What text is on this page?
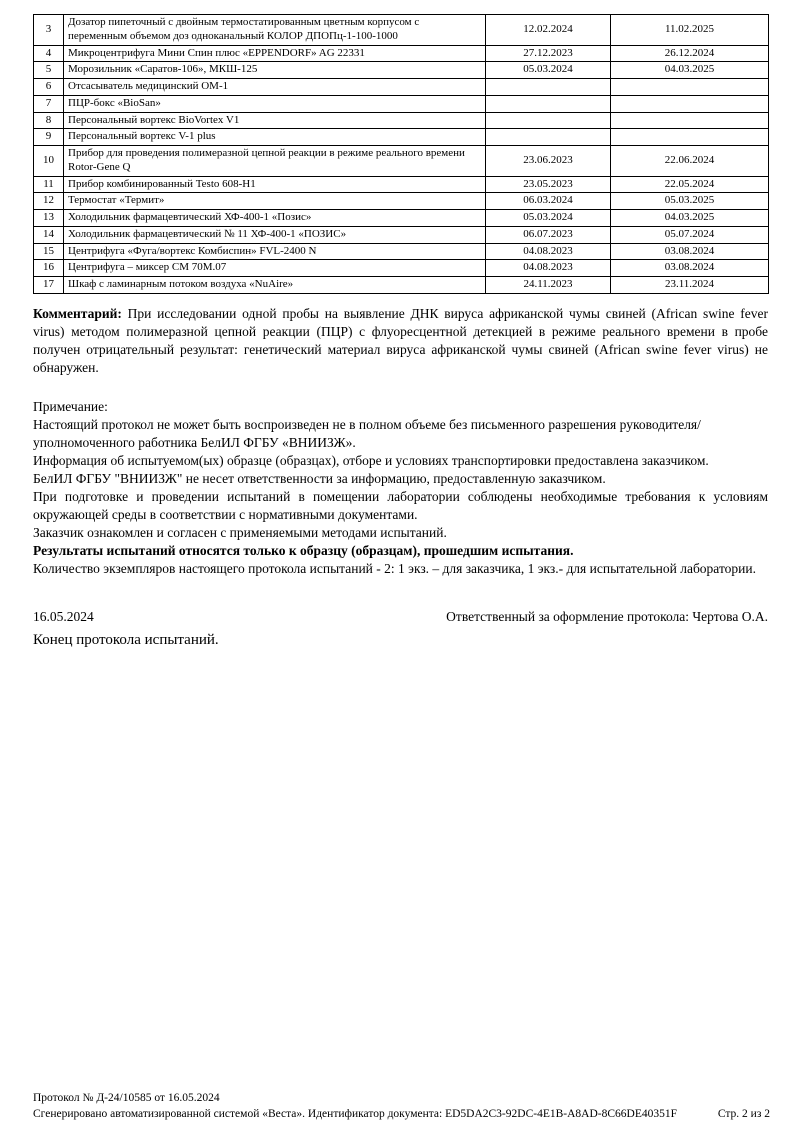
3	Дозатор пипеточный с двойным термостатированным цветным корпусом с переменным объемом доз одноканальный КОЛОР ДПОПц-1-100-1000	12.02.2024	11.02.2025
4	Микроцентрифуга Мини Спин плюс «EPPENDORF» AG 22331	27.12.2023	26.12.2024
5	Морозильник «Саратов-106», МКШ-125	05.03.2024	04.03.2025
6	Отсасыватель медицинский ОМ-1		
7	ПЦР-бокс «BioSan»		
8	Персональный вортекс BioVortex V1		
9	Персональный вортекс V-1 plus		
10	Прибор для проведения полимеразной цепной реакции в режиме реального времени Rotor-Gene Q	23.06.2023	22.06.2024
11	Прибор комбинированный Testo 608-H1	23.05.2023	22.05.2024
12	Термостат «Термит»	06.03.2024	05.03.2025
13	Холодильник фармацевтический ХФ-400-1 «Позис»	05.03.2024	04.03.2025
14	Холодильник фармацевтический № 11 ХФ-400-1 «ПОЗИС»	06.07.2023	05.07.2024
15	Центрифуга «Фуга/вортекс Комбиспин» FVL-2400 N	04.08.2023	03.08.2024
16	Центрифуга – миксер СМ 70М.07	04.08.2023	03.08.2024
17	Шкаф с ламинарным потоком воздуха «NuAire»	24.11.2023	23.11.2024

Комментарий: При исследовании одной пробы на выявление ДНК вируса африканской чумы свиней (African swine fever virus) методом полимеразной цепной реакции (ПЦР) с флуоресцентной детекцией в режиме реального времени в пробе получен отрицательный результат: генетический материал вируса африканской чумы свиней (African swine fever virus) не обнаружен.

Примечание:

Настоящий протокол не может быть воспроизведен не в полном объеме без письменного разрешения руководителя/уполномоченного работника БелИЛ ФГБУ «ВНИИЗЖ».

Информация об испытуемом(ых) образце (образцах), отборе и условиях транспортировки предоставлена заказчиком.

БелИЛ ФГБУ "ВНИИЗЖ" не несет ответственности за информацию, предоставленную заказчиком.

При подготовке и проведении испытаний в помещении лаборатории соблюдены необходимые требования к условиям окружающей среды в соответствии с нормативными документами.

Заказчик ознакомлен и согласен с применяемыми методами испытаний.

Результаты испытаний относятся только к образцу (образцам), прошедшим испытания.

Количество экземпляров настоящего протокола испытаний - 2: 1 экз. – для заказчика, 1 экз.- для испытательной лаборатории.

16.05.2024	Ответственный за оформление протокола: Чертова О.А.

Конец протокола испытаний.

Протокол № Д-24/10585 от 16.05.2024
Сгенерировано автоматизированной системой «Веста». Идентификатор документа: ED5DA2C3-92DC-4E1B-A8AD-8C66DE40351F	Стр. 2 из 2
